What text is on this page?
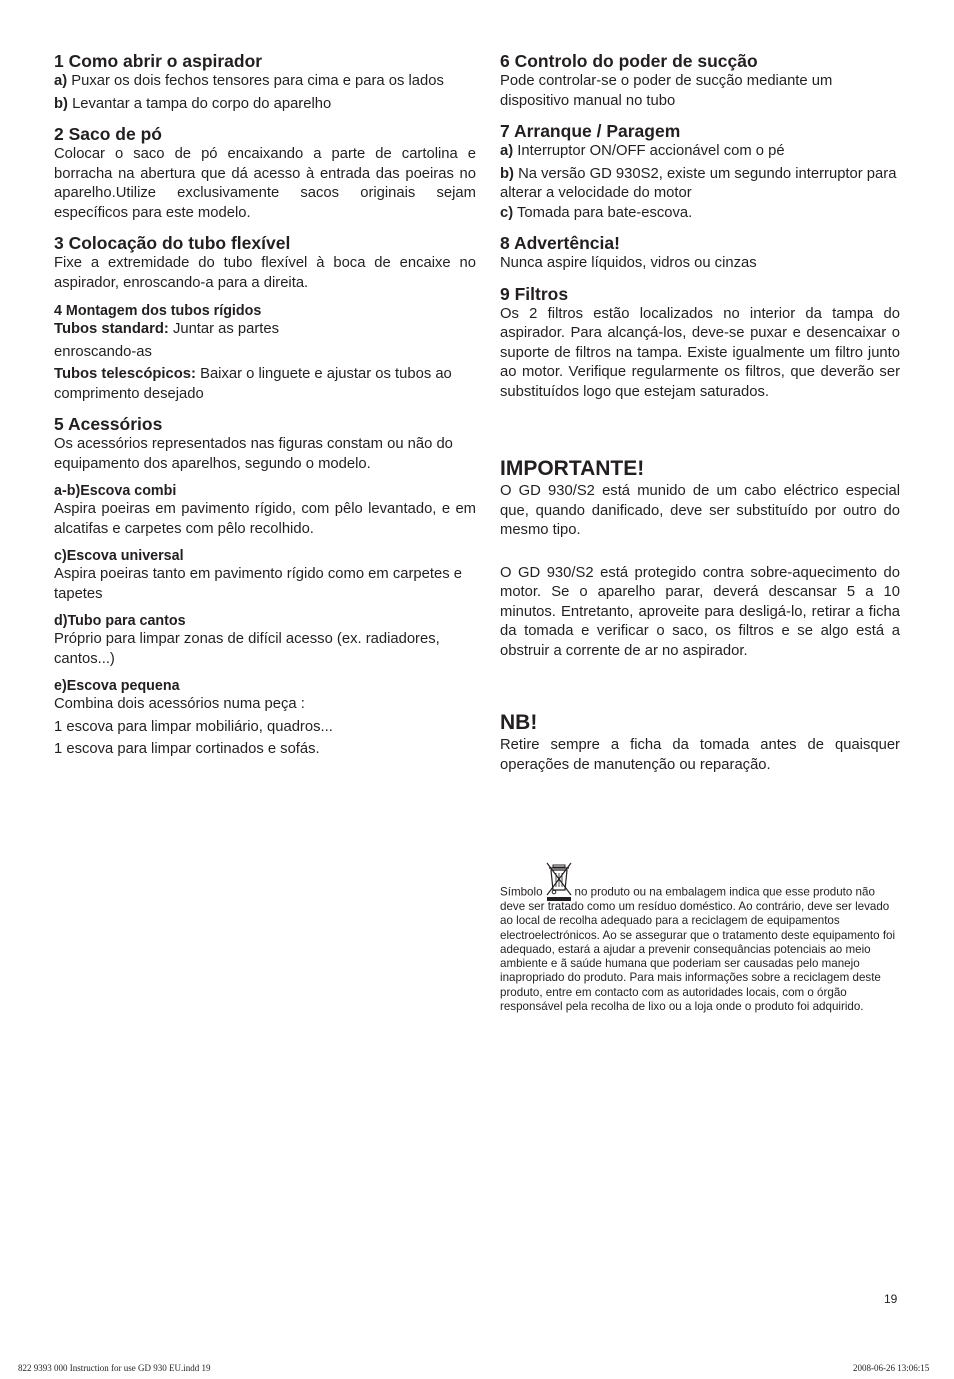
1 Como abrir o aspirador

a) Puxar os dois fechos tensores para cima e para os lados

b) Levantar a tampa do corpo do aparelho

2 Saco de pó

Colocar o saco de pó encaixando a parte de cartolina e borracha na abertura que dá acesso à entrada das poeiras no aparelho.Utilize exclusivamente sacos originais sejam específicos para este modelo.

3 Colocação do tubo flexível

Fixe a extremidade do tubo flexível à boca de encaixe no aspirador, enroscando-a para a direita.

4 Montagem dos tubos rígidos

Tubos standard: Juntar as partes

enroscando-as

Tubos telescópicos: Baixar o linguete e ajustar os tubos ao comprimento desejado

5 Acessórios

Os acessórios representados nas figuras constam ou não do equipamento dos aparelhos, segundo o modelo.

a-b)Escova combi

Aspira poeiras em pavimento rígido, com pêlo levantado, e em alcatifas e carpetes com pêlo recolhido.

c)Escova universal

Aspira poeiras tanto em pavimento rígido como em carpetes e tapetes

d)Tubo para cantos

Próprio para limpar zonas de difícil acesso (ex. radiadores, cantos...)

e)Escova pequena

Combina dois acessórios numa peça :

1 escova para limpar mobiliário, quadros...

1 escova para limpar cortinados e sofás.

6 Controlo do poder de sucção

Pode controlar-se o poder de sucção mediante um dispositivo manual no tubo

7 Arranque / Paragem

a) Interruptor ON/OFF accionável com o pé

b) Na versão GD 930S2, existe um segundo interruptor para alterar a velocidade do motor

c) Tomada para bate-escova.

8 Advertência!

Nunca aspire líquidos, vidros ou cinzas

9 Filtros

Os 2 filtros estão localizados no interior da tampa do aspirador. Para alcançá-los, deve-se puxar e desencaixar o suporte de filtros na tampa. Existe igualmente um filtro junto ao motor. Verifique regularmente os filtros, que deverão ser substituídos logo que estejam saturados.

IMPORTANTE!

O GD 930/S2 está munido de um cabo eléctrico especial que, quando danificado, deve ser substituído por outro do mesmo tipo.

O GD 930/S2 está protegido contra sobre-aquecimento do motor. Se o aparelho parar, deverá descansar 5 a 10 minutos. Entretanto, aproveite para desligá-lo, retirar a ficha da tomada e verificar o saco, os filtros e se algo está a obstruir a corrente de ar no aspirador.

NB!

Retire sempre a ficha da tomada antes de quaisquer operações de manutenção ou reparação.

Símbolo	no produto ou na embalagem indica que esse produto não deve ser tratado como um resíduo doméstico. Ao contrário, deve ser levado ao local de recolha adequado para a reciclagem de equipamentos electroelectrónicos. Ao se assegurar que o tratamento deste equipamento foi adequado, estará a ajudar a prevenir consequâncias potenciais ao meio ambiente e ã saúde humana que poderiam ser causadas pelo manejo inapropriado do produto. Para mais informações sobre a reciclagem deste produto, entre em contacto com as autoridades locais, com o órgão responsável pela recolha de lixo ou a loja onde o produto foi adquirido.

19
822 9393 000 Instruction for use GD 930 EU.indd 19	2008-06-26 13:06:15
